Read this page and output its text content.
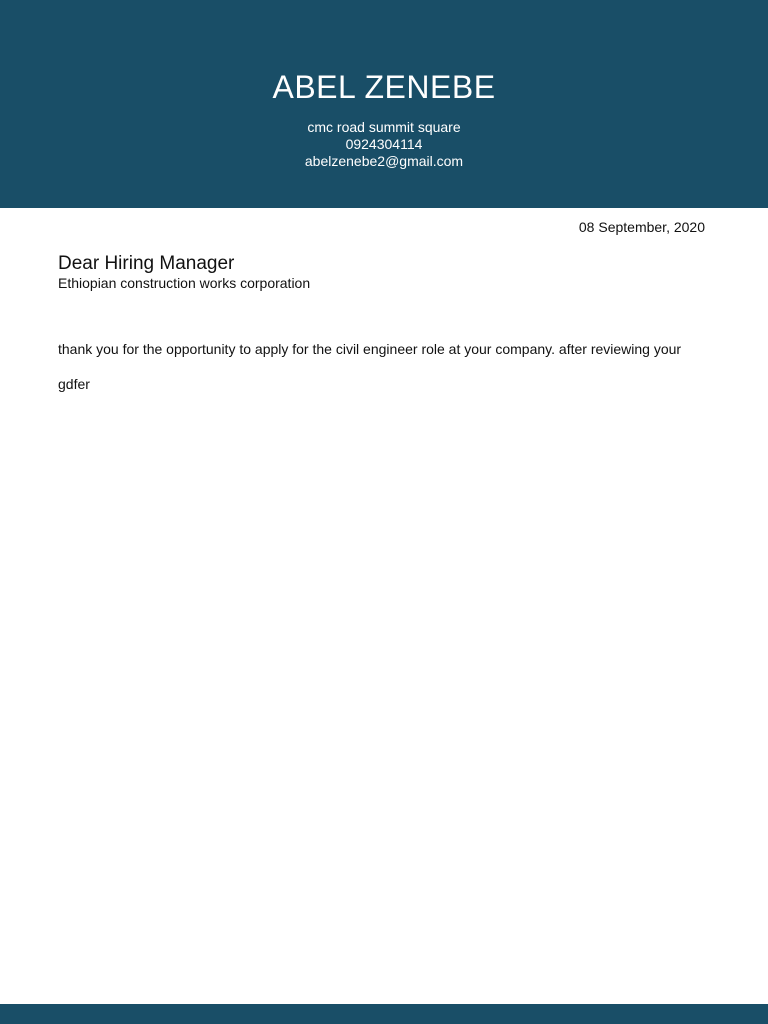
ABEL ZENEBE
cmc road summit square
0924304114
abelzenebe2@gmail.com
08 September, 2020
Dear Hiring Manager
Ethiopian construction works corporation
thank you for the opportunity to apply for the civil engineer role at your company. after reviewing your
gdfer
